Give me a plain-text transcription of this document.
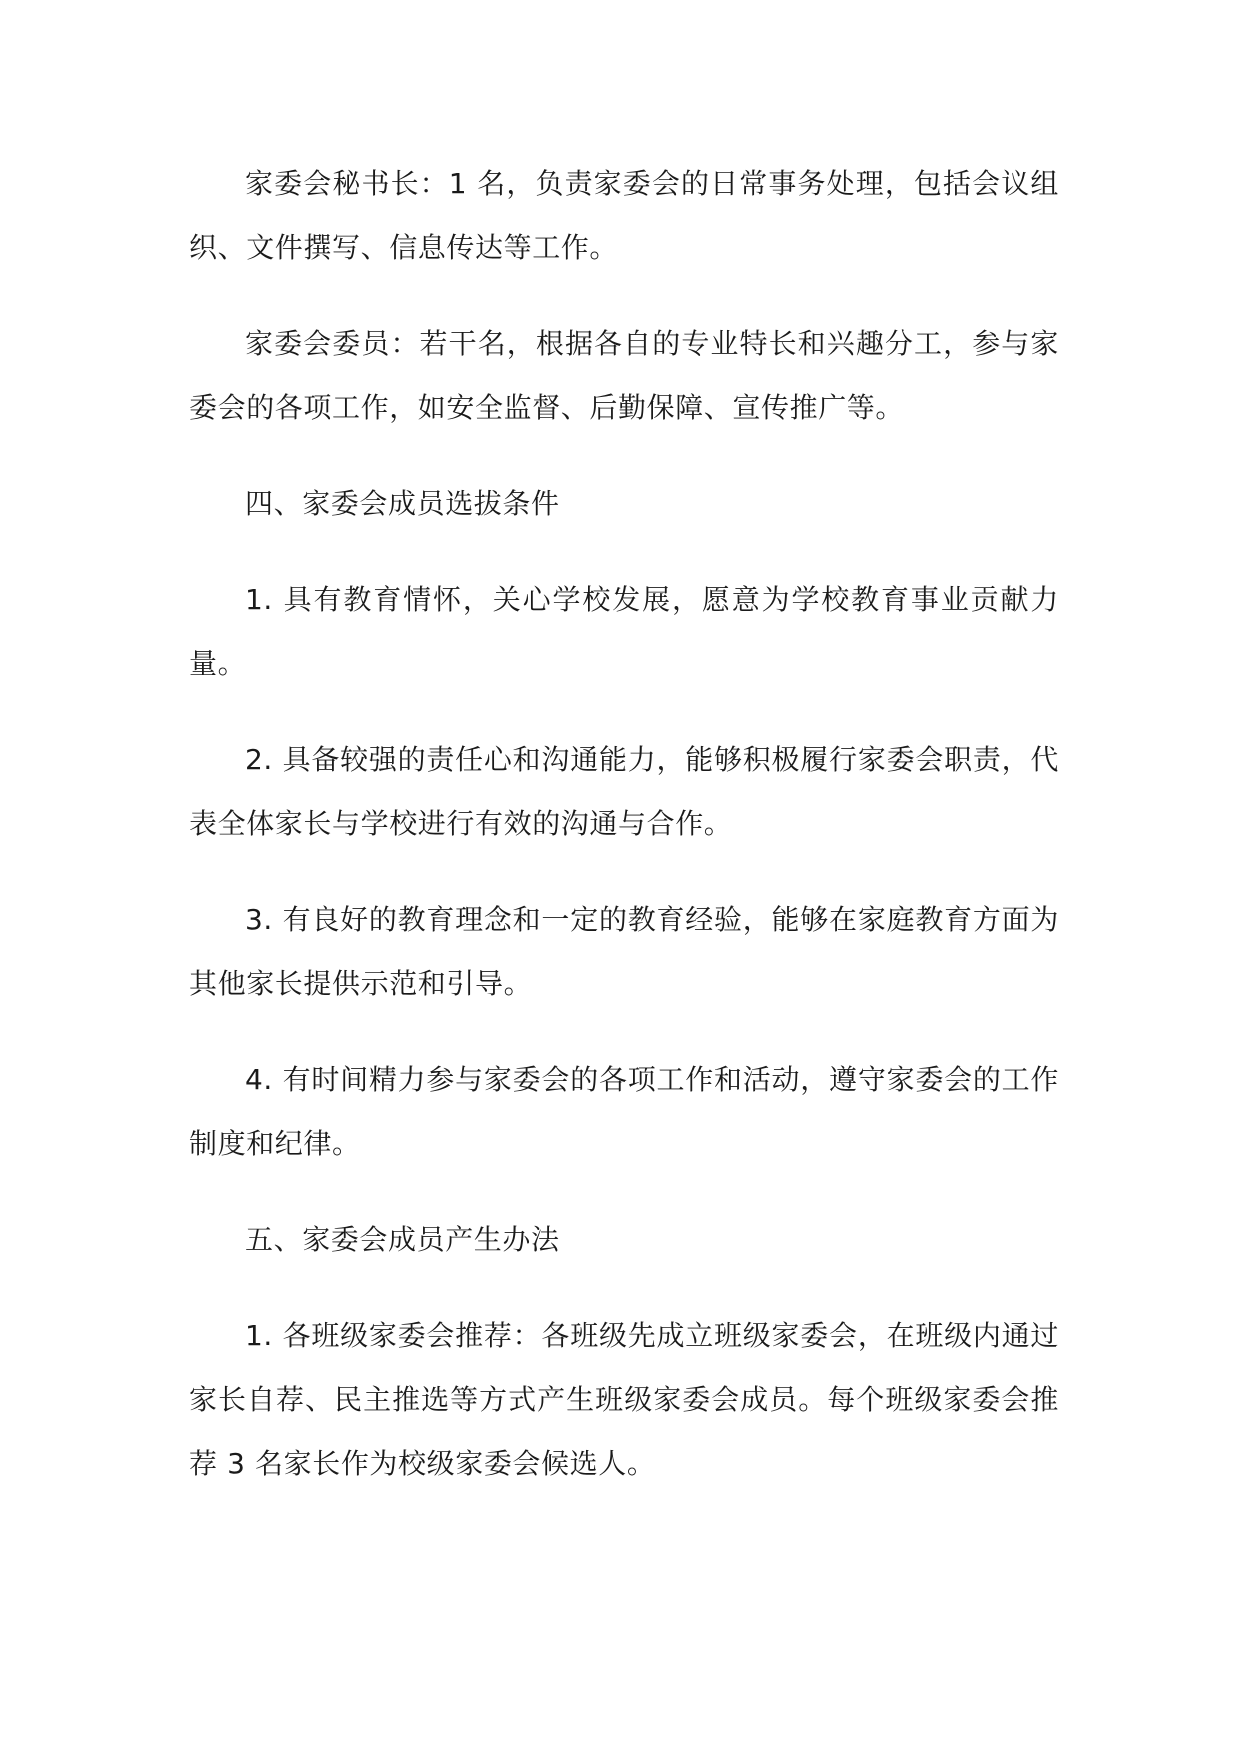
家委会秘书长：1 名，负责家委会的日常事务处理，包括会议组织、文件撰写、信息传达等工作。

家委会委员：若干名，根据各自的专业特长和兴趣分工，参与家委会的各项工作，如安全监督、后勤保障、宣传推广等。

四、家委会成员选拔条件

1. 具有教育情怀，关心学校发展，愿意为学校教育事业贡献力量。

2. 具备较强的责任心和沟通能力，能够积极履行家委会职责，代表全体家长与学校进行有效的沟通与合作。

3. 有良好的教育理念和一定的教育经验，能够在家庭教育方面为其他家长提供示范和引导。

4. 有时间精力参与家委会的各项工作和活动，遵守家委会的工作制度和纪律。

五、家委会成员产生办法

1. 各班级家委会推荐：各班级先成立班级家委会，在班级内通过家长自荐、民主推选等方式产生班级家委会成员。每个班级家委会推荐 3 名家长作为校级家委会候选人。
